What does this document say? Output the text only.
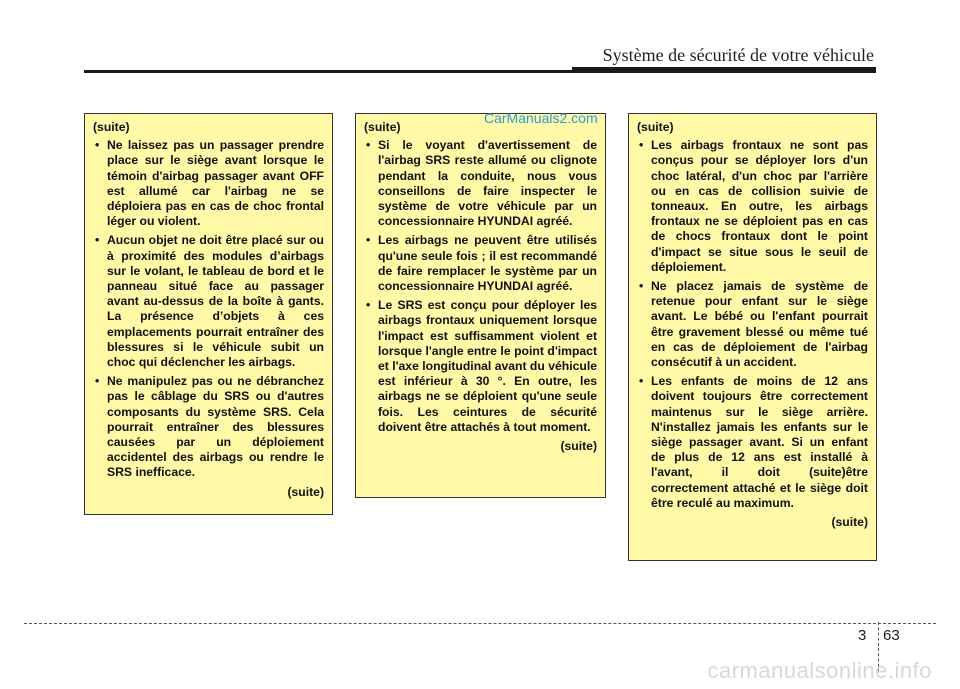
Système de sécurité de votre véhicule
(suite)
• Ne laissez pas un passager prendre place sur le siège avant lorsque le témoin d'airbag passager avant OFF est allumé car l'airbag ne se déploiera pas en cas de choc frontal léger ou violent.
• Aucun objet ne doit être placé sur ou à proximité des modules d’airbags sur le volant, le tableau de bord et le panneau situé face au passager avant au-dessus de la boîte à gants. La présence d’objets à ces emplacements pourrait entraîner des blessures si le véhicule subit un choc qui déclencher les airbags.
• Ne manipulez pas ou ne débranchez pas le câblage du SRS ou d'autres composants du système SRS. Cela pourrait entraîner des blessures causées par un déploiement accidentel des airbags ou rendre le SRS inefficace.
(suite)
(suite)
• Si le voyant d'avertissement de l'airbag SRS reste allumé ou clignote pendant la conduite, nous vous conseillons de faire inspecter le système de votre véhicule par un concessionnaire HYUNDAI agréé.
• Les airbags ne peuvent être utilisés qu'une seule fois ; il est recommandé de faire remplacer le système par un concessionnaire HYUNDAI agréé.
• Le SRS est conçu pour déployer les airbags frontaux uniquement lorsque l'impact est suffisamment violent et lorsque l'angle entre le point d'impact et l'axe longitudinal avant du véhicule est inférieur à 30 °. En outre, les airbags ne se déploient qu'une seule fois. Les ceintures de sécurité doivent être attachés à tout moment.
(suite)
(suite)
• Les airbags frontaux ne sont pas conçus pour se déployer lors d'un choc latéral, d'un choc par l'arrière ou en cas de collision suivie de tonneaux. En outre, les airbags frontaux ne se déploient pas en cas de chocs frontaux dont le point d'impact se situe sous le seuil de déploiement.
• Ne placez jamais de système de retenue pour enfant sur le siège avant. Le bébé ou l'enfant pourrait être gravement blessé ou même tué en cas de déploiement de l'airbag consécutif à un accident.
• Les enfants de moins de 12 ans doivent toujours être correctement maintenus sur le siège arrière. N'installez jamais les enfants sur le siège passager avant. Si un enfant de plus de 12 ans est installé à l'avant, il doit (suite)être correctement attaché et le siège doit être reculé au maximum.
(suite)
CarManuals2.com
3 63
carmanualsonline.info
